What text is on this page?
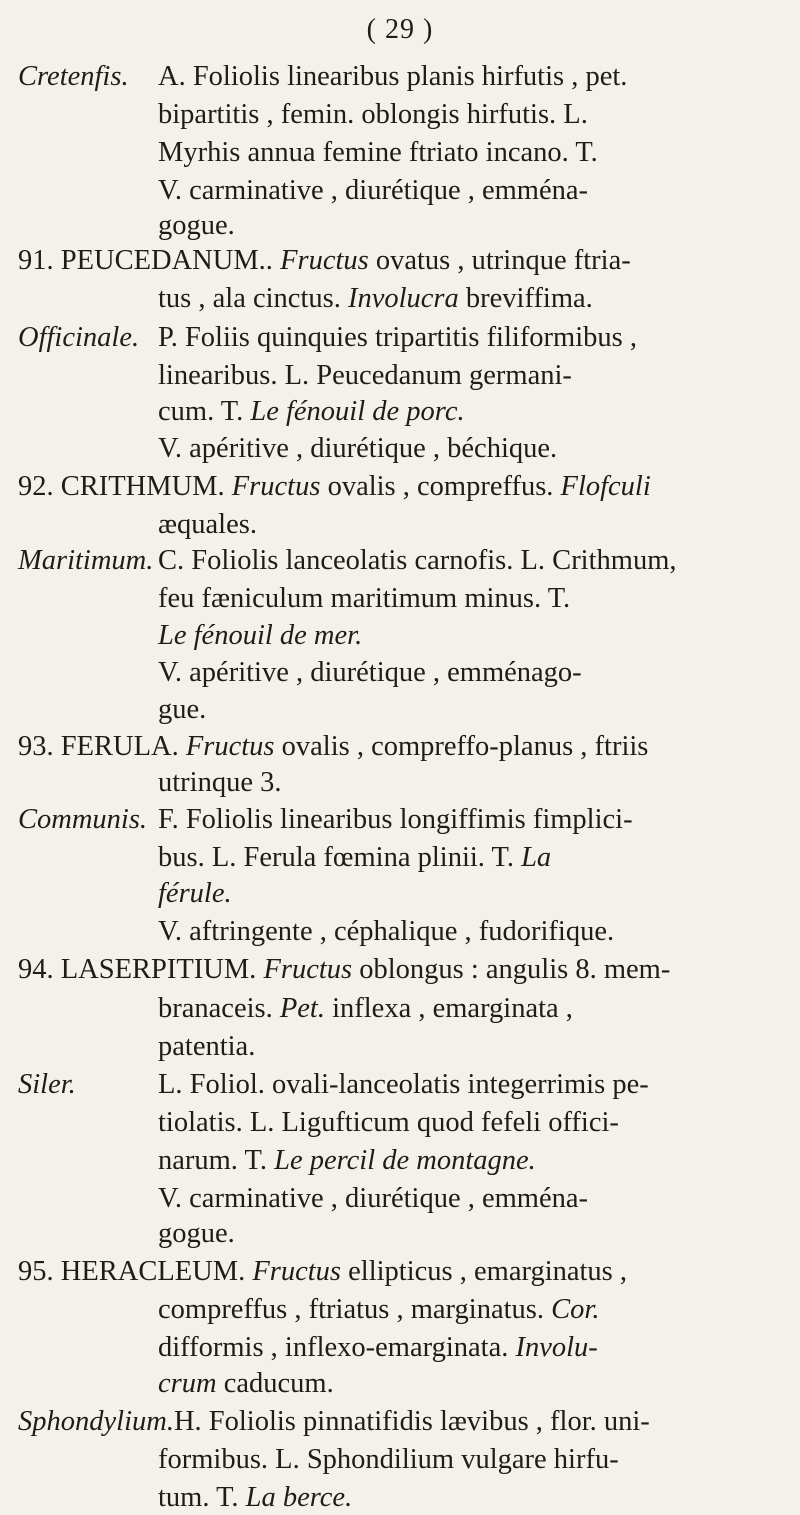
( 29 )
Cretenfis. A. Foliolis linearibus planis hirfutis , pet.
bipartitis , femin. oblongis hirfutis. L.
Myrhis annua femine ftriato incano. T.
V. carminative , diurétique , emména-
gogue.
91. PEUCEDANUM.. Fructus ovatus , utrinque ftria-
tus , ala cinctus. Involucra breviffima.
Officinale. P. Foliis quinquies tripartitis filiformibus ,
linearibus. L. Peucedanum germani-
cum. T. Le fénouil de porc.
V. apéritive , diurétique , béchique.
92. CRITHMUM. Fructus ovalis , compreffus. Flofculi
æquales.
Maritimum. C. Foliolis lanceolatis carnofis. L. Crithmum,
feu fæniculum maritimum minus. T.
Le fénouil de mer.
V. apéritive , diurétique , emménago-
gue.
93. FERULA. Fructus ovalis , compreffo-planus , ftriis
utrinque 3.
Communis. F. Foliolis linearibus longiffimis fimplici-
bus. L. Ferula fœmina plinii. T. La
férule.
V. aftringente , céphalique , fudorifique.
94. LASERPITIUM. Fructus oblongus : angulis 8. mem-
branaceis. Pet. inflexa , emarginata ,
patentia.
Siler.	L. Foliol. ovali-lanceolatis integerrimis pe-
tiolatis. L. Ligufticum quod fefeli offici-
narum. T. Le percil de montagne.
V. carminative , diurétique , emména-
gogue.
95. HERACLEUM. Fructus ellipticus , emarginatus ,
compreffus , ftriatus , marginatus. Cor.
difformis , inflexo-emarginata. Involu-
crum caducum.
Sphondylium.H. Foliolis pinnatifidis lævibus , flor. uni-
formibus. L. Sphondilium vulgare hirfu-
tum. T. La berce.
